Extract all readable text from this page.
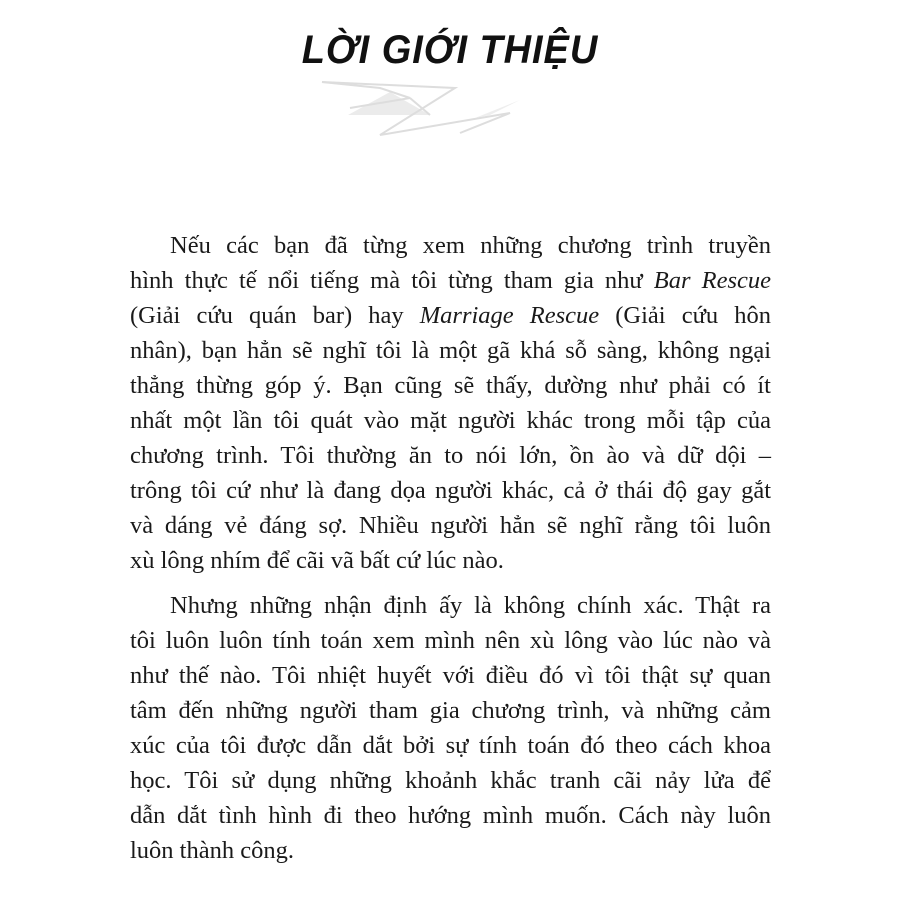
LỜI GIỚI THIỆU
Nếu các bạn đã từng xem những chương trình truyền
hình thực tế nổi tiếng mà tôi từng tham gia như Bar Rescue
(Giải cứu quán bar) hay Marriage Rescue (Giải cứu hôn
nhân), bạn hẳn sẽ nghĩ tôi là một gã khá sỗ sàng, không ngại
thẳng thừng góp ý. Bạn cũng sẽ thấy, dường như phải có ít
nhất một lần tôi quát vào mặt người khác trong mỗi tập của
chương trình. Tôi thường ăn to nói lớn, ồn ào và dữ dội –
trông tôi cứ như là đang dọa người khác, cả ở thái độ gay gắt
và dáng vẻ đáng sợ. Nhiều người hẳn sẽ nghĩ rằng tôi luôn
xù lông nhím để cãi vã bất cứ lúc nào.
Nhưng những nhận định ấy là không chính xác. Thật ra
tôi luôn luôn tính toán xem mình nên xù lông vào lúc nào và
như thế nào. Tôi nhiệt huyết với điều đó vì tôi thật sự quan
tâm đến những người tham gia chương trình, và những cảm
xúc của tôi được dẫn dắt bởi sự tính toán đó theo cách khoa
học. Tôi sử dụng những khoảnh khắc tranh cãi nảy lửa để
dẫn dắt tình hình đi theo hướng mình muốn. Cách này luôn
luôn thành công.
